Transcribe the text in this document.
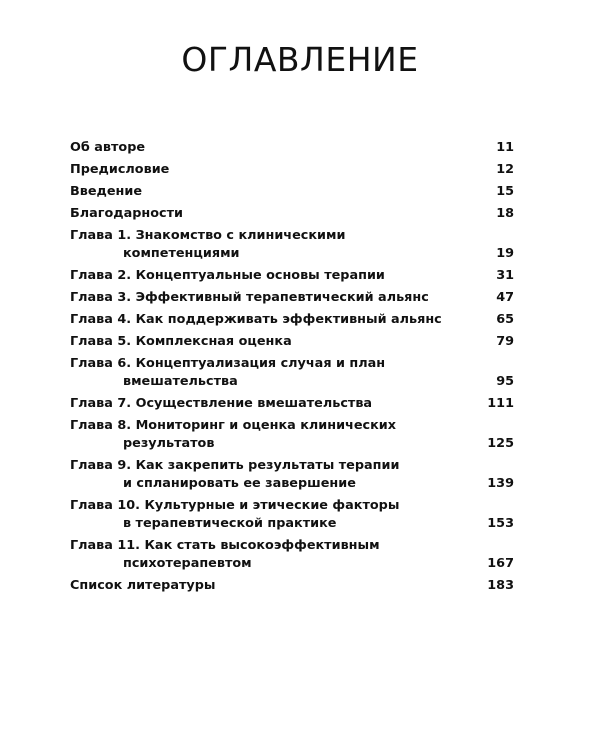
ОГЛАВЛЕНИЕ
Об авторе	11
Предисловие	12
Введение	15
Благодарности	18
Глава 1. Знакомство с клиническими
компетенциями	19
Глава 2. Концептуальные основы терапии	31
Глава 3. Эффективный терапевтический альянс	47
Глава 4. Как поддерживать эффективный альянс	65
Глава 5. Комплексная оценка	79
Глава 6. Концептуализация случая и план
вмешательства	95
Глава 7. Осуществление вмешательства	111
Глава 8. Мониторинг и оценка клинических
результатов	125
Глава 9. Как закрепить результаты терапии
и спланировать ее завершение	139
Глава 10. Культурные и этические факторы
в терапевтической практике	153
Глава 11. Как стать высокоэффективным
психотерапевтом	167
Список литературы	183
